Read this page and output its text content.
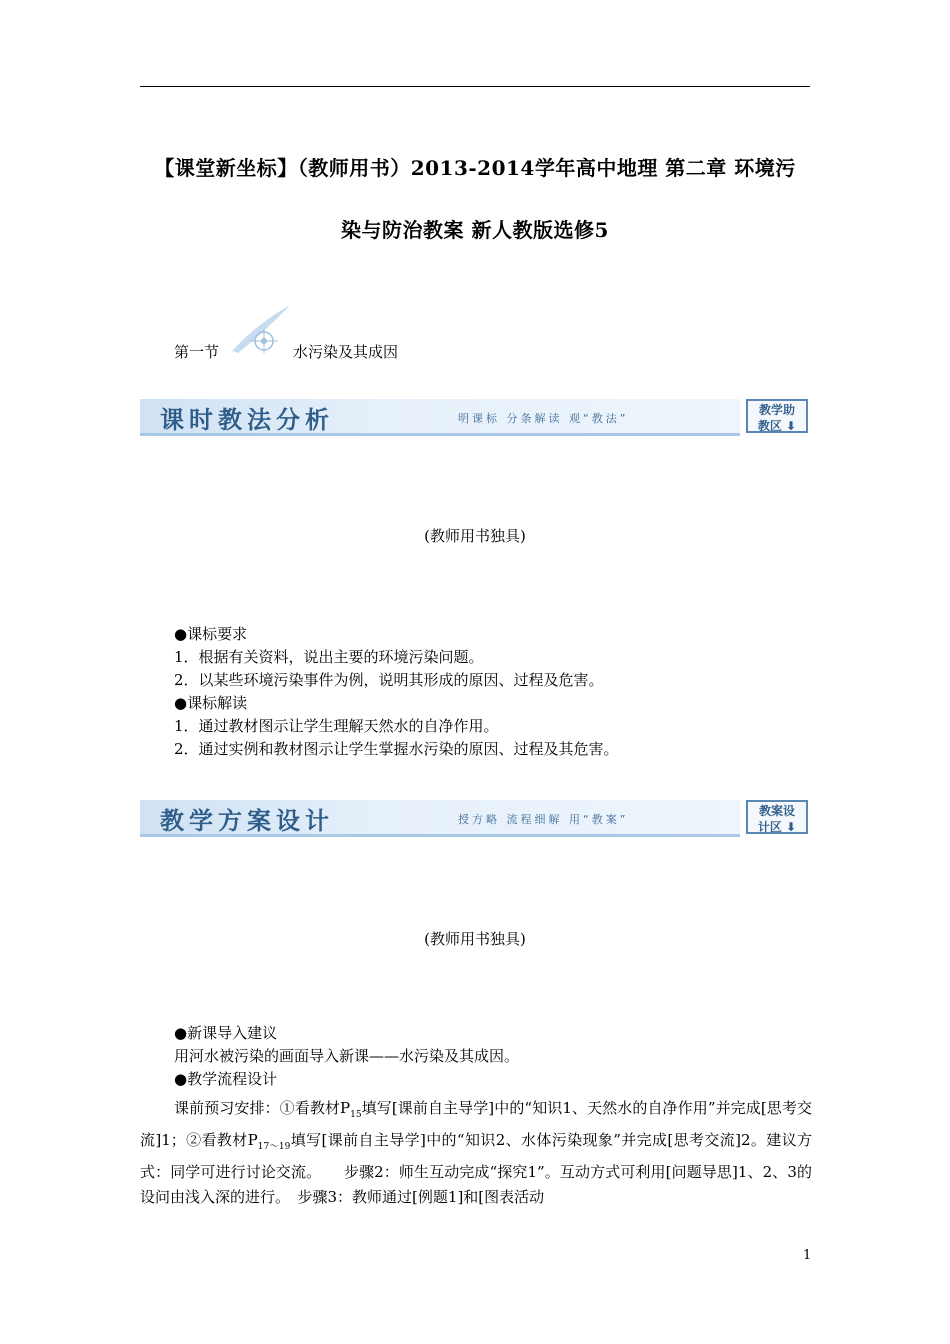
【课堂新坐标】（教师用书）2013-2014学年高中地理 第二章 环境污
染与防治教案 新人教版选修5
第一节	水污染及其成因
课时教法分析	明课标 分条解读 观“教法”
教学助
教区 ⬇
(教师用书独具)
●课标要求
1．根据有关资料，说出主要的环境污染问题。
2．以某些环境污染事件为例，说明其形成的原因、过程及危害。
●课标解读
1．通过教材图示让学生理解天然水的自净作用。
2．通过实例和教材图示让学生掌握水污染的原因、过程及其危害。
教学方案设计	授方略 流程细解 用“教案”
教案设
计区 ⬇
(教师用书独具)
●新课导入建议
用河水被污染的画面导入新课——水污染及其成因。
●教学流程设计
课前预习安排：①看教材$P_{15}$填写[课前自主导学]中的“知识1、天然水的自净作用”并完成[思考交流]1；②看教材$P_{17\sim 19}$填写[课前自主导学]中的“知识2、水体污染现象”并完成[思考交流]2。建议方式：同学可进行讨论交流。　　步骤2：师生互动完成“探究1”。互动方式可利用[问题导思]1、2、3的设问由浅入深的进行。　步骤3：教师通过[例题1]和[图表活动
1
